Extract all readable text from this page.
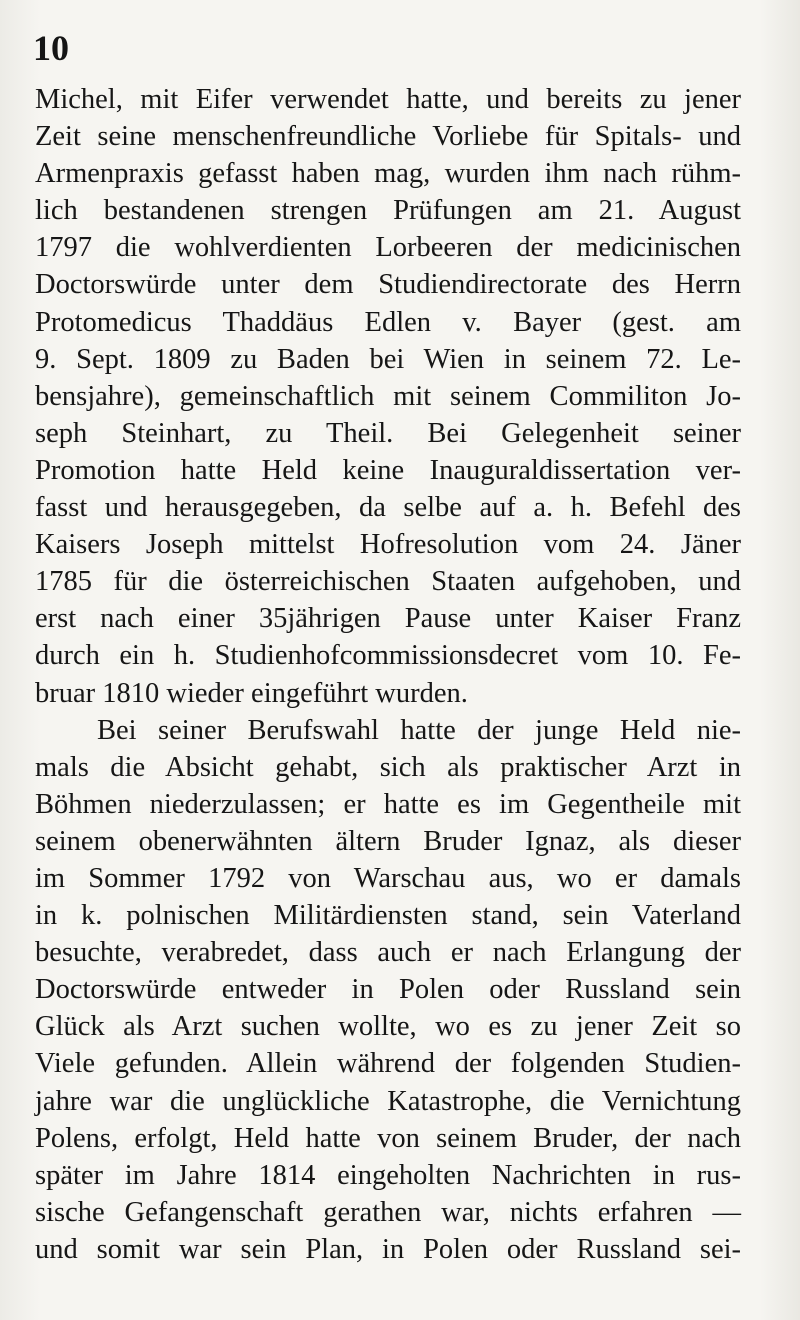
10

Michel, mit Eifer verwendet hatte, und bereits zu jener
Zeit seine menschenfreundliche Vorliebe für Spitals- und
Armenpraxis gefasst haben mag, wurden ihm nach rühm-
lich bestandenen strengen Prüfungen am 21. August
1797 die wohlverdienten Lorbeeren der medicinischen
Doctorswürde unter dem Studiendirectorate des Herrn
Protomedicus Thaddäus Edlen v. Bayer (gest. am
9. Sept. 1809 zu Baden bei Wien in seinem 72. Le-
bensjahre), gemeinschaftlich mit seinem Commiliton Jo-
seph Steinhart, zu Theil. Bei Gelegenheit seiner
Promotion hatte Held keine Inauguraldissertation ver-
fasst und herausgegeben, da selbe auf a. h. Befehl des
Kaisers Joseph mittelst Hofresolution vom 24. Jäner
1785 für die österreichischen Staaten aufgehoben, und
erst nach einer 35jährigen Pause unter Kaiser Franz
durch ein h. Studienhofcommissionsdecret vom 10. Fe-
bruar 1810 wieder eingeführt wurden.
Bei seiner Berufswahl hatte der junge Held nie-
mals die Absicht gehabt, sich als praktischer Arzt in
Böhmen niederzulassen; er hatte es im Gegentheile mit
seinem obenerwähnten ältern Bruder Ignaz, als dieser
im Sommer 1792 von Warschau aus, wo er damals
in k. polnischen Militärdiensten stand, sein Vaterland
besuchte, verabredet, dass auch er nach Erlangung der
Doctorswürde entweder in Polen oder Russland sein
Glück als Arzt suchen wollte, wo es zu jener Zeit so
Viele gefunden. Allein während der folgenden Studien-
jahre war die unglückliche Katastrophe, die Vernichtung
Polens, erfolgt, Held hatte von seinem Bruder, der nach
später im Jahre 1814 eingeholten Nachrichten in rus-
sische Gefangenschaft gerathen war, nichts erfahren —
und somit war sein Plan, in Polen oder Russland sei-
